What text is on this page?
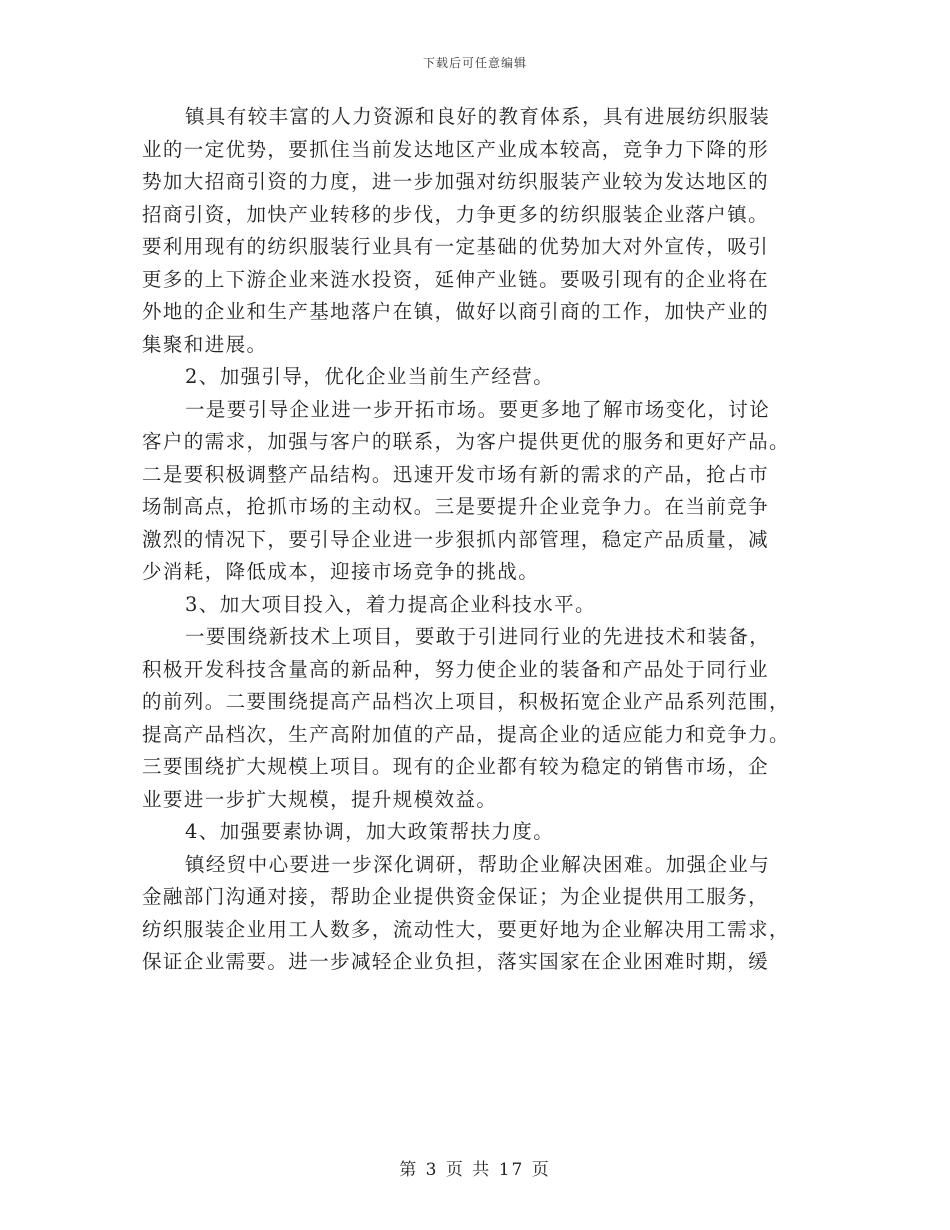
下载后可任意编辑
镇具有较丰富的人力资源和良好的教育体系，具有进展纺织服装
业的一定优势，要抓住当前发达地区产业成本较高，竞争力下降的形
势加大招商引资的力度，进一步加强对纺织服装产业较为发达地区的
招商引资，加快产业转移的步伐，力争更多的纺织服装企业落户镇。
要利用现有的纺织服装行业具有一定基础的优势加大对外宣传，吸引
更多的上下游企业来涟水投资，延伸产业链。要吸引现有的企业将在
外地的企业和生产基地落户在镇，做好以商引商的工作，加快产业的
集聚和进展。
2、加强引导，优化企业当前生产经营。
一是要引导企业进一步开拓市场。要更多地了解市场变化，讨论
客户的需求，加强与客户的联系，为客户提供更优的服务和更好产品。
二是要积极调整产品结构。迅速开发市场有新的需求的产品，抢占市
场制高点，抢抓市场的主动权。三是要提升企业竞争力。在当前竞争
激烈的情况下，要引导企业进一步狠抓内部管理，稳定产品质量，减
少消耗，降低成本，迎接市场竞争的挑战。
3、加大项目投入，着力提高企业科技水平。
一要围绕新技术上项目，要敢于引进同行业的先进技术和装备，
积极开发科技含量高的新品种，努力使企业的装备和产品处于同行业
的前列。二要围绕提高产品档次上项目，积极拓宽企业产品系列范围，
提高产品档次，生产高附加值的产品，提高企业的适应能力和竞争力。
三要围绕扩大规模上项目。现有的企业都有较为稳定的销售市场，企
业要进一步扩大规模，提升规模效益。
4、加强要素协调，加大政策帮扶力度。
镇经贸中心要进一步深化调研，帮助企业解决困难。加强企业与
金融部门沟通对接，帮助企业提供资金保证；为企业提供用工服务，
纺织服装企业用工人数多，流动性大，要更好地为企业解决用工需求，
保证企业需要。进一步减轻企业负担，落实国家在企业困难时期，缓
第 3 页 共 17 页
